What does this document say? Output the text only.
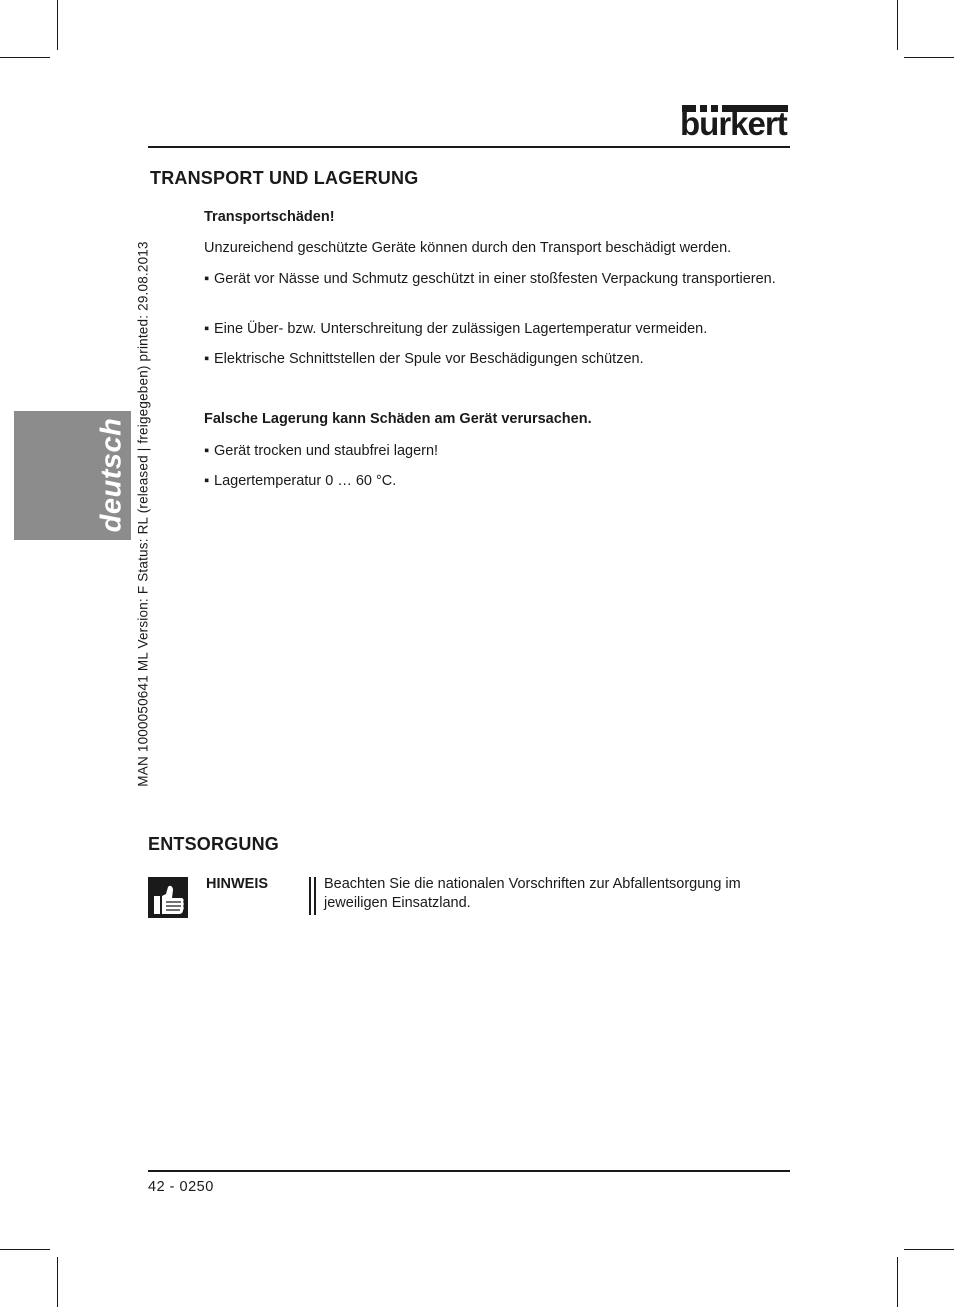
burkert
deutsch MAN 1000050641 ML Version: F Status: RL (released | freigegeben) printed: 29.08.2013
TRANSPORT UND LAGERUNG

Transportschäden!

Unzureichend geschützte Geräte können durch den Transport beschädigt werden.

▪ Gerät vor Nässe und Schmutz geschützt in einer stoßfesten Verpackung transportieren.

▪ Eine Über- bzw. Unterschreitung der zulässigen Lagertemperatur vermeiden.

▪ Elektrische Schnittstellen der Spule vor Beschädigungen schützen.

Falsche Lagerung kann Schäden am Gerät verursachen.

▪ Gerät trocken und staubfrei lagern!

▪ Lagertemperatur 0 … 60 °C.

ENTSORGUNG
HINWEIS	Beachten Sie die nationalen Vorschriften zur Abfallentsorgung im jeweiligen Einsatzland.
42 - 0250
